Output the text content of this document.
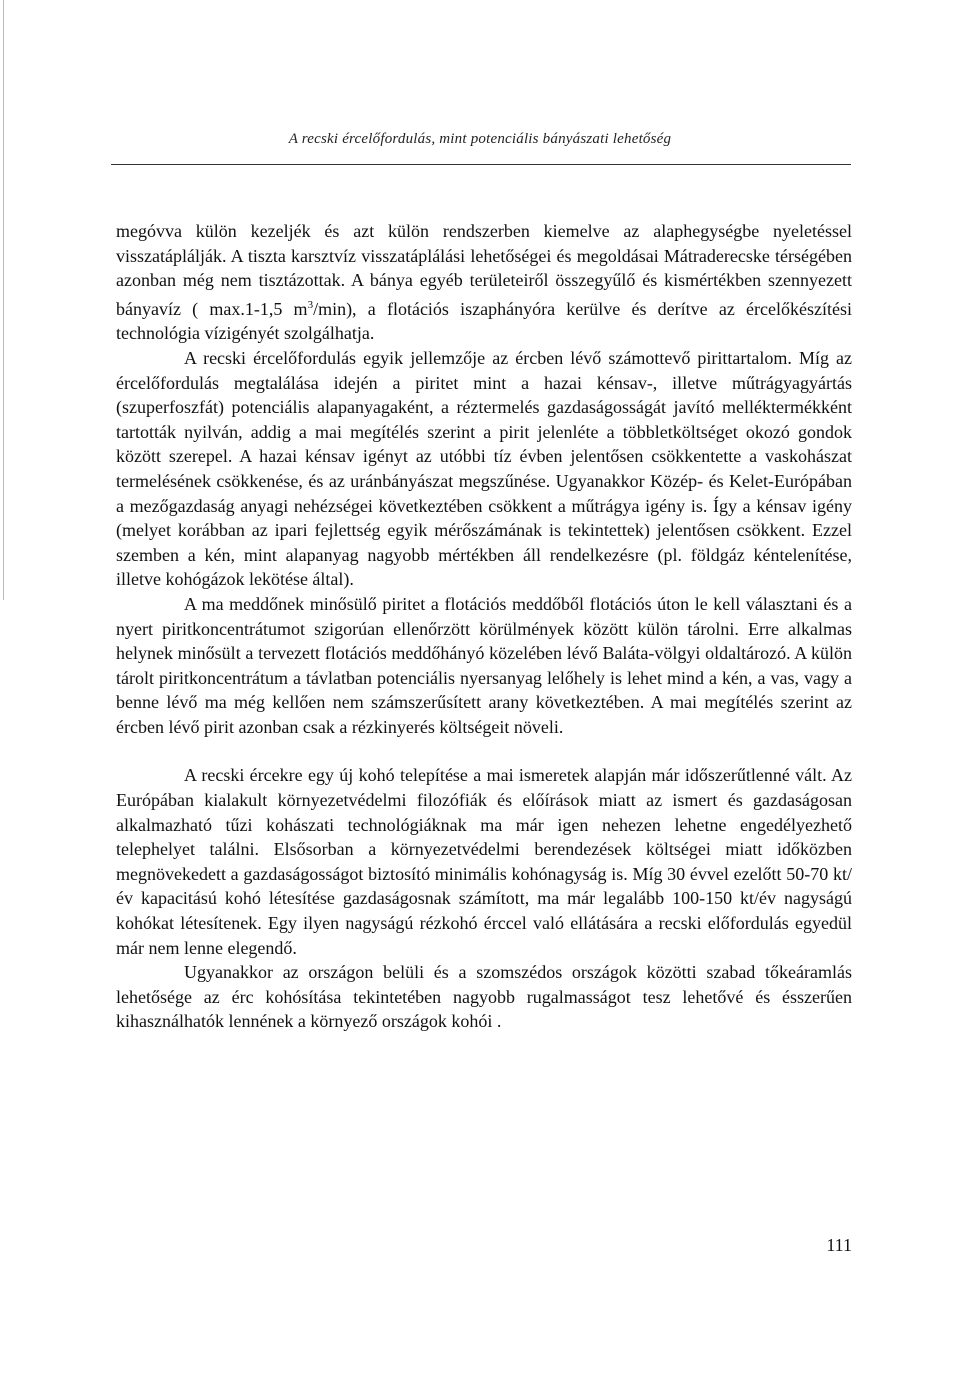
A recski ércelőfordulás, mint potenciális bányászati lehetőség

megóvva külön kezeljék és azt külön rendszerben kiemelve az alaphegységbe nyeletéssel visszatáplálják. A tiszta karsztvíz visszatáplálási lehetőségei és megoldásai Mátraderecske térségében azonban még nem tisztázottak. A bánya egyéb területeiről összegyűlő és kismértékben szennyezett bányavíz ( max.1-1,5 $m^3/\min$), a flotációs iszaphányóra kerülve és derítve az ércelőkészítési technológia vízigényét szolgálhatja.

A recski ércelőfordulás egyik jellemzője az ércben lévő számottevő pirittartalom. Míg az ércelőfordulás megtalálása idején a piritet mint a hazai kénsav-, illetve műtrágyagyártás (szuperfoszfát) potenciális alapanyagaként, a réztermelés gazdaságosságát javító melléktermékként tartották nyilván, addig a mai megítélés szerint a pirit jelenléte a többletköltséget okozó gondok között szerepel. A hazai kénsav igényt az utóbbi tíz évben jelentősen csökkentette a vaskohászat termelésének csökkenése, és az uránbányászat megszűnése. Ugyanakkor Közép- és Kelet-Európában a mezőgazdaság anyagi nehézségei következtében csökkent a műtrágya igény is. Így a kénsav igény (melyet korábban az ipari fejlettség egyik mérőszámának is tekintettek) jelentősen csökkent. Ezzel szemben a kén, mint alapanyag nagyobb mértékben áll rendelkezésre (pl. földgáz kéntelenítése, illetve kohógázok lekötése által).

A ma meddőnek minősülő piritet a flotációs meddőből flotációs úton le kell választani és a nyert piritkoncentrátumot szigorúan ellenőrzött körülmények között külön tárolni. Erre alkalmas helynek minősült a tervezett flotációs meddőhányó közelében lévő Baláta-völgyi oldaltározó. A külön tárolt piritkoncentrátum a távlatban potenciális nyersanyag lelőhely is lehet mind a kén, a vas, vagy a benne lévő ma még kellően nem számszerűsített arany következtében. A mai megítélés szerint az ércben lévő pirit azonban csak a rézkinyerés költségeit növeli.

A recski ércekre egy új kohó telepítése a mai ismeretek alapján már időszerűtlenné vált. Az Európában kialakult környezetvédelmi filozófiák és előírások miatt az ismert és gazdaságosan alkalmazható tűzi kohászati technológiáknak ma már igen nehezen lehetne engedélyezhető telephelyet találni. Elsősorban a környezetvédelmi berendezések költségei miatt időközben megnövekedett a gazdaságosságot biztosító minimális kohónagyság is. Míg 30 évvel ezelőtt 50-70 kt/év kapacitású kohó létesítése gazdaságosnak számított, ma már legalább 100-150 kt/év nagyságú kohókat létesítenek. Egy ilyen nagyságú rézkohó érccel való ellátására a recski előfordulás egyedül már nem lenne elegendő.

Ugyanakkor az országon belüli és a szomszédos országok közötti szabad tőkeáramlás lehetősége az érc kohósítása tekintetében nagyobb rugalmasságot tesz lehetővé és ésszerűen kihasználhatók lennének a környező országok kohói .

111
